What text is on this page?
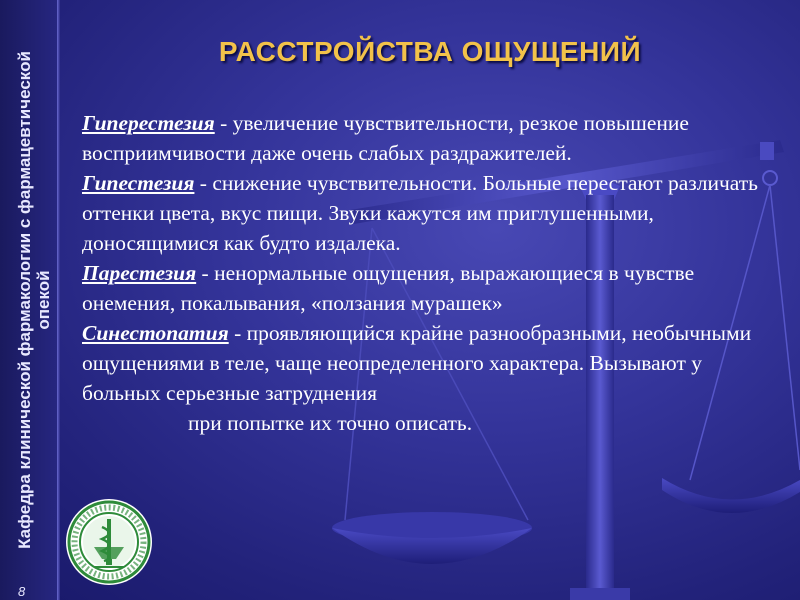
Кафедра клинической фармакологии с фармацевтической опекой
8
РАССТРОЙСТВА ОЩУЩЕНИЙ

Гиперестезия - увеличение чувствительности, резкое повышение восприимчивости даже очень слабых раздражителей.

Гипестезия - снижение чувствительности. Больные перестают различать оттенки цвета, вкус пищи. Звуки кажутся им приглушенными, доносящимися как будто издалека.

Парестезия - ненормальные ощущения, выражающиеся в чувстве онемения, покалывания, «ползания мурашек»

Синестопатия - проявляющийся крайне разнообразными, необычными ощущениями в теле, чаще неопределенного характера. Вызывают у больных серьезные затруднения

при попытке их точно описать.
